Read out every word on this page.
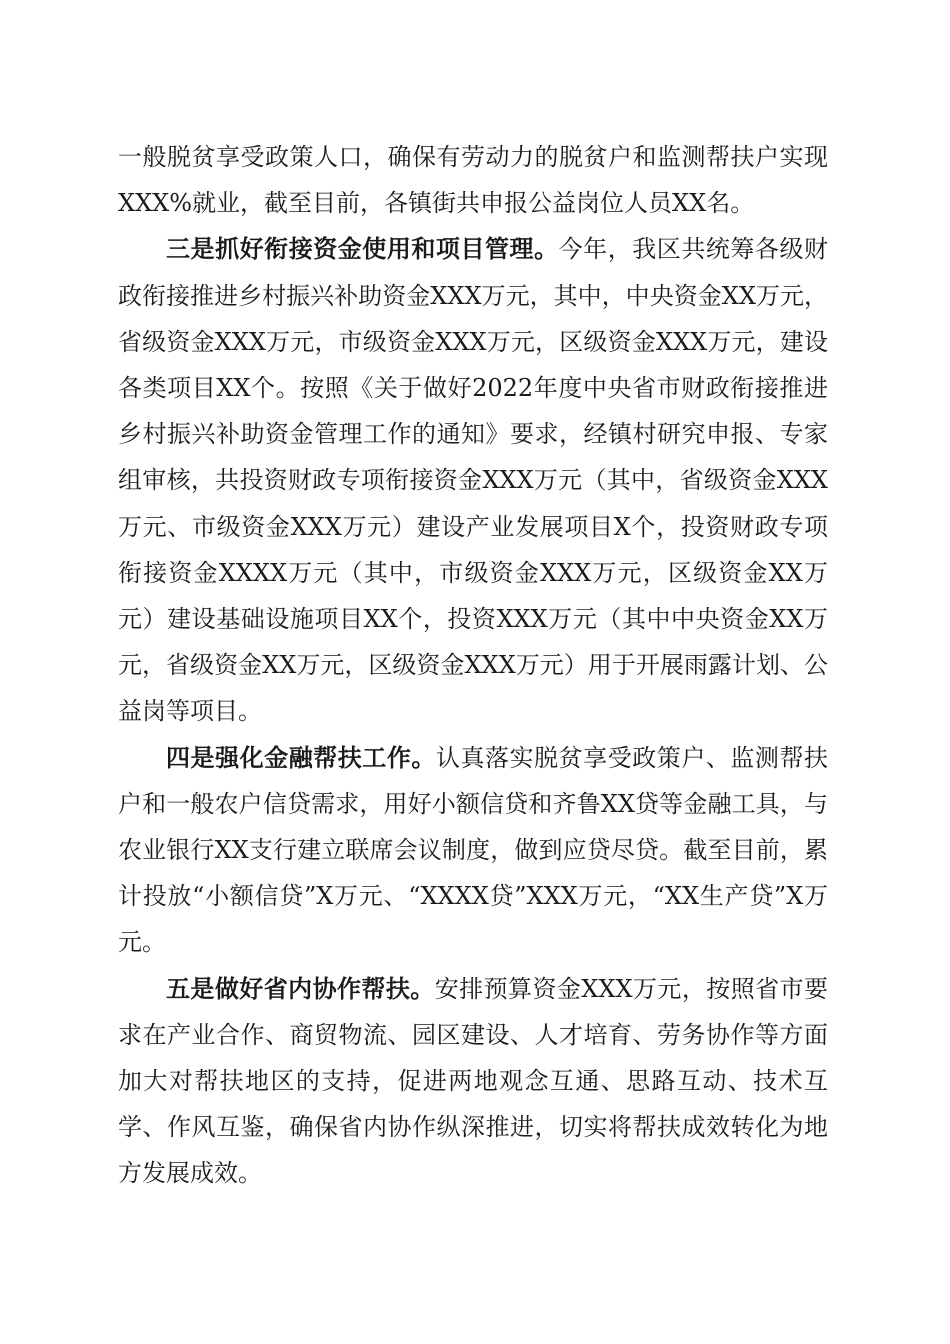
一般脱贫享受政策人口，确保有劳动力的脱贫户和监测帮扶户实现XXX%就业，截至目前，各镇街共申报公益岗位人员XX名。

三是抓好衔接资金使用和项目管理。今年，我区共统筹各级财政衔接推进乡村振兴补助资金XXX万元，其中，中央资金XX万元，省级资金XXX万元，市级资金XXX万元，区级资金XXX万元，建设各类项目XX个。按照《关于做好2022年度中央省市财政衔接推进乡村振兴补助资金管理工作的通知》要求，经镇村研究申报、专家组审核，共投资财政专项衔接资金XXX万元（其中，省级资金XXX万元、市级资金XXX万元）建设产业发展项目X个，投资财政专项衔接资金XXXX万元（其中，市级资金XXX万元，区级资金XX万元）建设基础设施项目XX个，投资XXX万元（其中中央资金XX万元，省级资金XX万元，区级资金XXX万元）用于开展雨露计划、公益岗等项目。

四是强化金融帮扶工作。认真落实脱贫享受政策户、监测帮扶户和一般农户信贷需求，用好小额信贷和齐鲁XX贷等金融工具，与农业银行XX支行建立联席会议制度，做到应贷尽贷。截至目前，累计投放“小额信贷”X万元、“XXXX贷”XXX万元，“XX生产贷”X万元。

五是做好省内协作帮扶。安排预算资金XXX万元，按照省市要求在产业合作、商贸物流、园区建设、人才培育、劳务协作等方面加大对帮扶地区的支持，促进两地观念互通、思路互动、技术互学、作风互鉴，确保省内协作纵深推进，切实将帮扶成效转化为地方发展成效。
